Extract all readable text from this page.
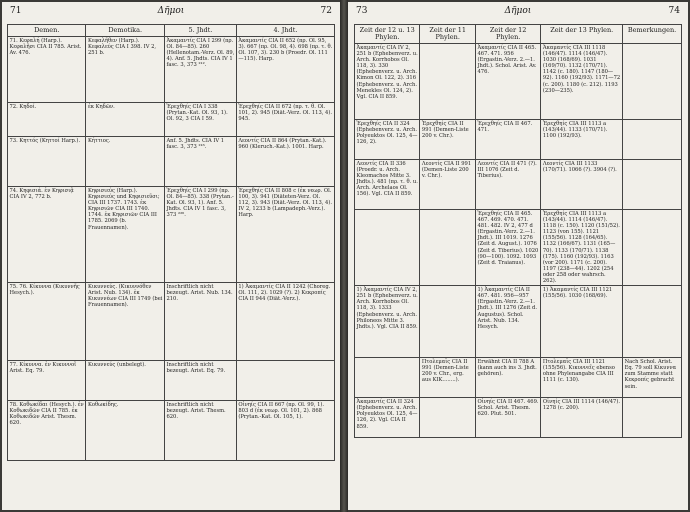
71	Δῆμοι	72
Demen.	Demotika.	5. Jhdt.	4. Jhdt.
71. Κεφαλή (Harp.). Κεφαλῆσι CIA II 785. Arist. Av. 476.	Κεφαλῆθεν (Harp.). Κεφαλεύς CIA I 398. IV 2, 251 b.	Ἀκαμαντίς CIA I 299 (πρ. Ol. 84—85). 260 (Hellenotam.-Verz. Ol. 89, 4). Anf. 5. Jhdts. CIA IV 1 fasc. 3, 373 ²¹².	Ἀκαμαντίς CIA II 652 (πρ. Ol. 95, 3). 667 (πρ. Ol. 98, 4). 698 (πρ. τ. θ. Ol. 107, 3). 230 b (Proedr. Ol. 111—115). Harp.
72. Κηδοί.	ἐκ Κηδῶν.	Ἐρεχθηίς CIA I 338 (Prytan.-Kat. Ol. 93, 1). Ol. 92, 3 CIA I 59.	Ἐρεχθηίς CIA II 672 (πρ. τ. θ. Ol. 101, 2). 945 (Diät.-Verz. Ol. 113, 4). 945.
73. Κηττός (Κηττοί Harp.).	Κήττιος.	Anf. 5. Jhdts. CIA IV 1 fasc. 3, 373 ²¹⁶.	Λεοντίς CIA II 864 (Prytan.-Kat.). 960 (Kleruch.-Kat.). 1001. Harp.
74. Κηφισιά. ἐν Κηφισιᾷ CIA IV 2, 772 b.	Κηφισιεύς (Harp.). Κηφισιεύς und Κηφισιεῦσι; CIA III 1737. 1743. ἐκ Κηφισιῶν CIA III 1740. 1744. ἐκ Κηφισιῶν CIA III 1785. 2069 (b. Frauennamen).	Ἐρεχθηίς CIA I 299 (πρ. Ol. 84—85). 338 (Prytan.-Kat. Ol. 93, 1). Anf. 5. Jhdts. CIA IV 1 fasc. 3, 373 ²²⁶.	Ἐρεχθηίς CIA II 808 c (ἐκ νεωρ. Ol. 100, 3). 941 (Diäteten-Verz. Ol. 112, 3). 943 (Diät.-Verz. Ol. 113, 4). IV 2, 1233 b (Lampadeph.-Verz.). Harp.
75. 76. Κίκυννα (Κικυννῆς Hesych.).	Κικυννεύς. (Κικυννόθεν Arist. Nub. 134). ἐκ Κικυννέων CIA III 1749 (bei Frauennamen).	Inschriftlich nicht bezeugt. Arist. Nub. 134. 210.	1) Ἀκαμαντίς CIA II 1242 (Choreg. Ol. 111, 2). 1029 (?). 2) Κεκροπίς CIA II 944 (Diät.-Verz.).
77. Κίκυννα. ἐν Κικυννοῖ Arist. Eq. 79.	Κικυννεύς (unbelegt).	Inschriftlich nicht bezeugt. Arist. Eq. 79.	
78. Κοθωκίδαι (Hesych.). ἐν Κοθωκιδῶν CIA II 785. ἐκ Κοθωκιδῶν Arist. Thesm. 620.	Κοθωκίδης.	Inschriftlich nicht bezeugt. Arist. Thesm. 620.	Οἰνηίς CIA II 667 (πρ. Ol. 99, 1). 803 d (ἐκ νεωρ. Ol. 101, 2). 868 (Prytan.-Kat. Ol. 105, 1).
73	Δῆμοι	74
Zeit der 12 u. 13 Phylen.	Zeit der 11 Phylen.	Zeit der 12 Phylen.	Zeit der 13 Phylen.	Bemerkungen.
Ἀκαμαντίς CIA IV 2, 251 b (Ephebenverz. u. Arch. Korrhobos Ol. 118, 3). 330 (Ephebenverz. u. Arch. Kimon Ol. 122, 2). 316 (Ephebenverz. u. Arch. Menekles Ol. 124, 2). Vgl. CIA II 859.		Ἀκαμαντίς CIA II 465. 467. 471. 956 (Ergastin.-Verz. 2.—1. Jhdt.). Schol. Arist. Av. 476.	Ἀκαμαντίς CIA III 1118 (146/47). 1114 (146/47). 1030 (168/69). 1031 (169/70). 1132 (170/71). 1142 (c. 180). 1147 (180—92). 1160 (192/93). 1171—72 (c. 200). 1180 (c. 212). 1193 (230—235).	
Ἐρεχθηίς CIA II 324 (Ephebenverz. u. Arch. Polyeuktos Ol. 125, 4—126, 2).	Ἐρεχθηίς CIA II 991 (Demen-Liste 200 v. Chr.).	Ἐρεχθηίς CIA II 467. 471.	Ἐρεχθηίς CIA III 1113 a (143/44). 1133 (170/71). 1100 (192/93).	
Λεοντίς CIA II 336 (Proedr. u. Arch. Kleomachos Mitte 3. Jhdts.). 481 (πρ. τ. θ. u. Arch. Archelaos Ol. 156). Vgl. CIA II 859.	Λεοντίς CIA II 991 (Demen-Liste 200 v. Chr.).	Λεοντίς CIA II 471 (?). III 1076 (Zeit d. Tiberius).	Λεοντίς CIA III 1133 (170/71). 1066 (?). 3904 (?).	
		Ἐρεχθηίς CIA II 465. 467. 469. 470. 471. 481. 482. IV 2, 477 d (Ergastin.-Verz. 2.—1. Jhdt.). III 1019. 1276 (Zeit d. August.). 1076 (Zeit d. Tiberius). 1020 (90—100). 1092. 1093 (Zeit d. Traianus).	Ἐρεχθηίς CIA III 1113 a (143/44). 1114 (146/47). 1118 (c. 150). 1120 (151/52). 1123 (von 155). 1121 (155/56). 1128 (164/65). 1132 (166/67). 1131 (165—70). 1133 (170/71). 1138 (175). 1160 (192/93). 1163 (vor 200). 1171 (c. 200). 1197 (238—44). 1202 (254 oder 258 oder wahrsch. 262).	
1) Ἀκαμαντίς CIA IV 2, 251 b (Ephebenverz. u. Arch. Korrhobos Ol. 118, 3). 1333 (Ephebenverz. u. Arch. Philoneos Mitte 3. Jhdts.). Vgl. CIA II 859.		1) Ἀκαμαντίς CIA II 467. 481. 956—957 (Ergastin.-Verz. 2.—1. Jhdt.). III 1276 (Zeit d. Augustus). Schol. Arist. Nub. 134. Hesych.	1) Ἀκαμαντίς CIA III 1121 (155/56). 1030 (168/69).	
	Πτολεμαΐς CIA II 991 (Demen-Liste 200 v. Chr., erg. aus ΚΙΚ........).	Erwähnt CIA II 788 A (kann auch ins 3. Jhdt. gehören).	Πτολεμαΐς CIA III 1121 (155/56). Κικυννεῖς ebenso ohne Phylenangabe CIA III 1111 (c. 130).	Nach Schol. Arist. Eq. 79 soll Κίκυννα zum Stamme statt Κεκροπίς gebracht sein.
Ἀκαμαντίς CIA II 324 (Ephebenverz. u. Arch. Polyeuktos Ol. 125, 4—126, 2). Vgl. CIA II 859.		Οἰνηίς CIA II 467. 469. Schol. Arist. Thesm. 620. Plut. 501.	Οἰνηίς CIA III 1114 (146/47). 1278 (c. 200).	
